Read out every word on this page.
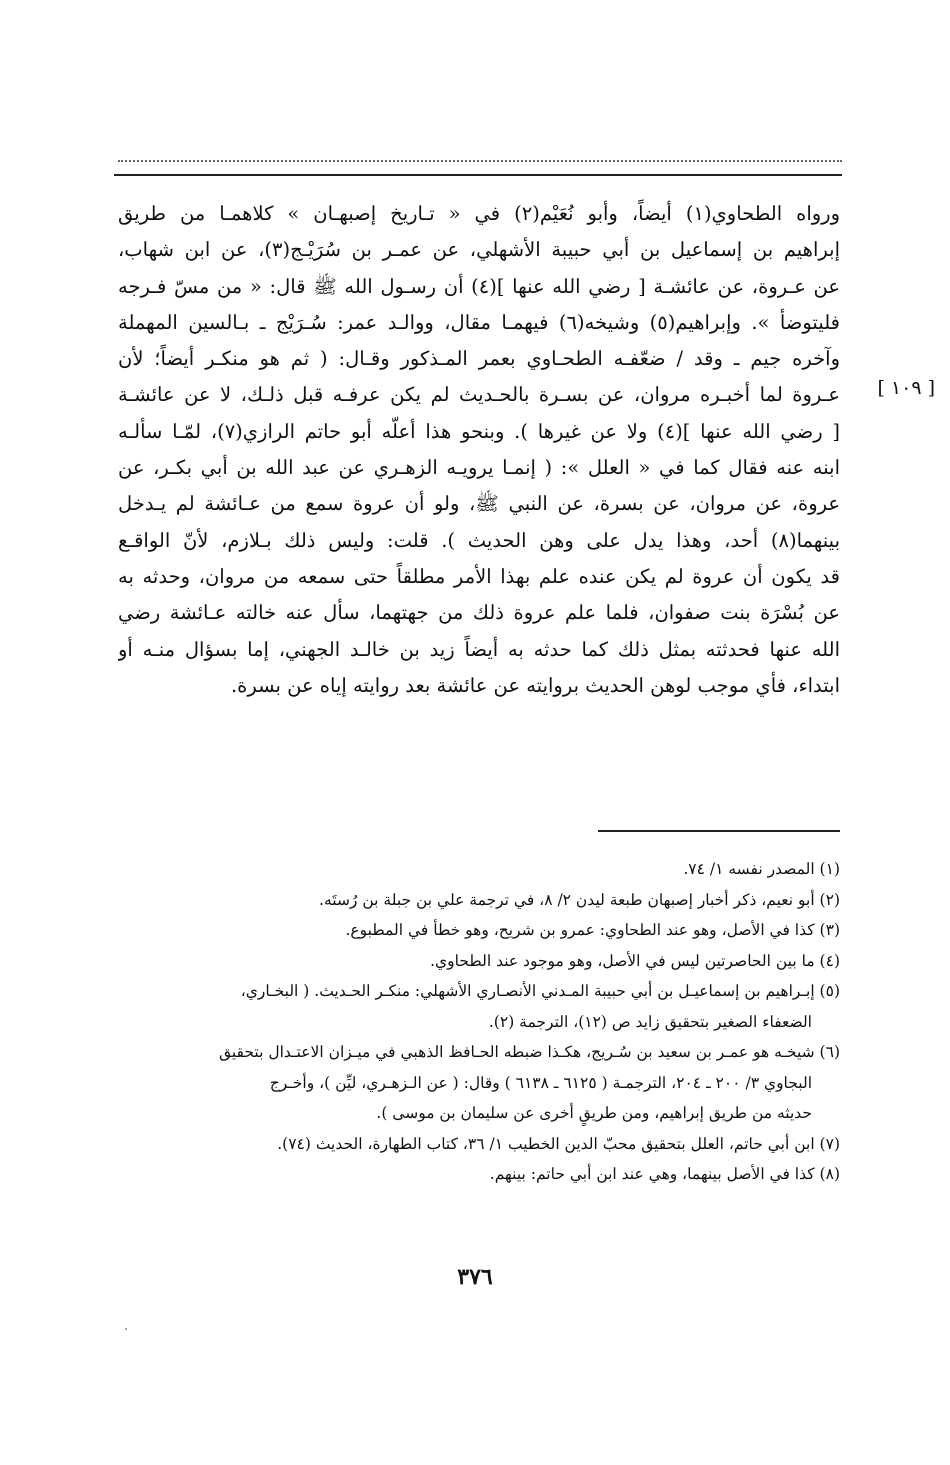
ورواه الطحاوي(١) أيضاً، وأبو نُعَيْم(٢) في « تـاريخ إصبهـان » كلاهمـا من طريق
إبراهيم بن إسماعيل بن أبي حبيبة الأشهلي، عن عمـر بن سُرَيْـج(٣)، عن ابن شهاب،
عن عـروة، عن عائشـة [ رضي الله عنها ](٤) أن رسـول الله ﷺ قال: « من مسّ فـرجه
فليتوضأ ». وإبراهيم(٥) وشيخه(٦) فيهمـا مقال، ووالـد عمر: سُـرَيْج ـ بـالسين المهملة
وآخره جيم ـ وقد / ضعّفـه الطحـاوي بعمر المـذكور وقـال: ( ثم هو منكـر أيضاً؛ لأن
عـروة لما أخبـره مروان، عن بسـرة بالحـديث لم يكن عرفـه قبل ذلـك، لا عن عائشـة
[ رضي الله عنها ](٤) ولا عن غيرها ). وبنحو هذا أعلّه أبو حاتم الرازي(٧)، لمّـا سألـه
ابنه عنه فقال كما في « العلل »: ( إنمـا يرويـه الزهـري عن عبد الله بن أبي بكـر، عن
عروة، عن مروان، عن بسرة، عن النبي ﷺ، ولو أن عروة سمع من عـائشة لم يـدخل
بينهما(٨) أحد، وهذا يدل على وهن الحديث ). قلت: وليس ذلك بـلازم، لأنّ الواقـع
قد يكون أن عروة لم يكن عنده علم بهذا الأمر مطلقاً حتى سمعه من مروان، وحدثه به
عن بُسْرَة بنت صفوان، فلما علم عروة ذلك من جهتهما، سأل عنه خالته عـائشة رضي
الله عنها فحدثته بمثل ذلك كما حدثه به أيضاً زيد بن خالـد الجهني، إما بسؤال منـه أو
ابتداء، فأي موجب لوهن الحديث بروايته عن عائشة بعد روايته إياه عن بسرة.
[ ١٠٩ ]
(١) المصدر نفسه ١/ ٧٤.
(٢) أبو نعيم، ذكر أخبار إصبهان طبعة ليدن ٢/ ٨، في ترجمة علي بن جبلة بن رُستَه.
(٣) كذا في الأصل، وهو عند الطحاوي: عمرو بن شريح، وهو خطأ في المطبوع.
(٤) ما بين الحاصرتين ليس في الأصل، وهو موجود عند الطحاوي.
(٥) إبـراهيم بن إسماعيـل بن أبي حبيبة المـدني الأنصـاري الأشهلي: منكـر الحـديث. ( البخـاري،
الضعفاء الصغير بتحقيق زايد ص (١٢)، الترجمة (٢).
(٦) شيخـه هو عمـر بن سعيد بن سُـريج، هكـذا ضبطه الحـافظ الذهبي في ميـزان الاعتـدال بتحقيق
البجاوي ٣/ ٢٠٠ ـ ٢٠٤، الترجمـة ( ٦١٢٥ ـ ٦١٣٨ ) وقال: ( عن الـزهـري، ليِّن )، وأخـرج
حديثه من طريق إبراهيم، ومن طريقٍ أخرى عن سليمان بن موسى ).
(٧) ابن أبي حاتم، العلل بتحقيق محبّ الدين الخطيب ١/ ٣٦، كتاب الطهارة، الحديث (٧٤).
(٨) كذا في الأصل بينهما، وهي عند ابن أبي حاتم: بينهم.
٣٧٦
